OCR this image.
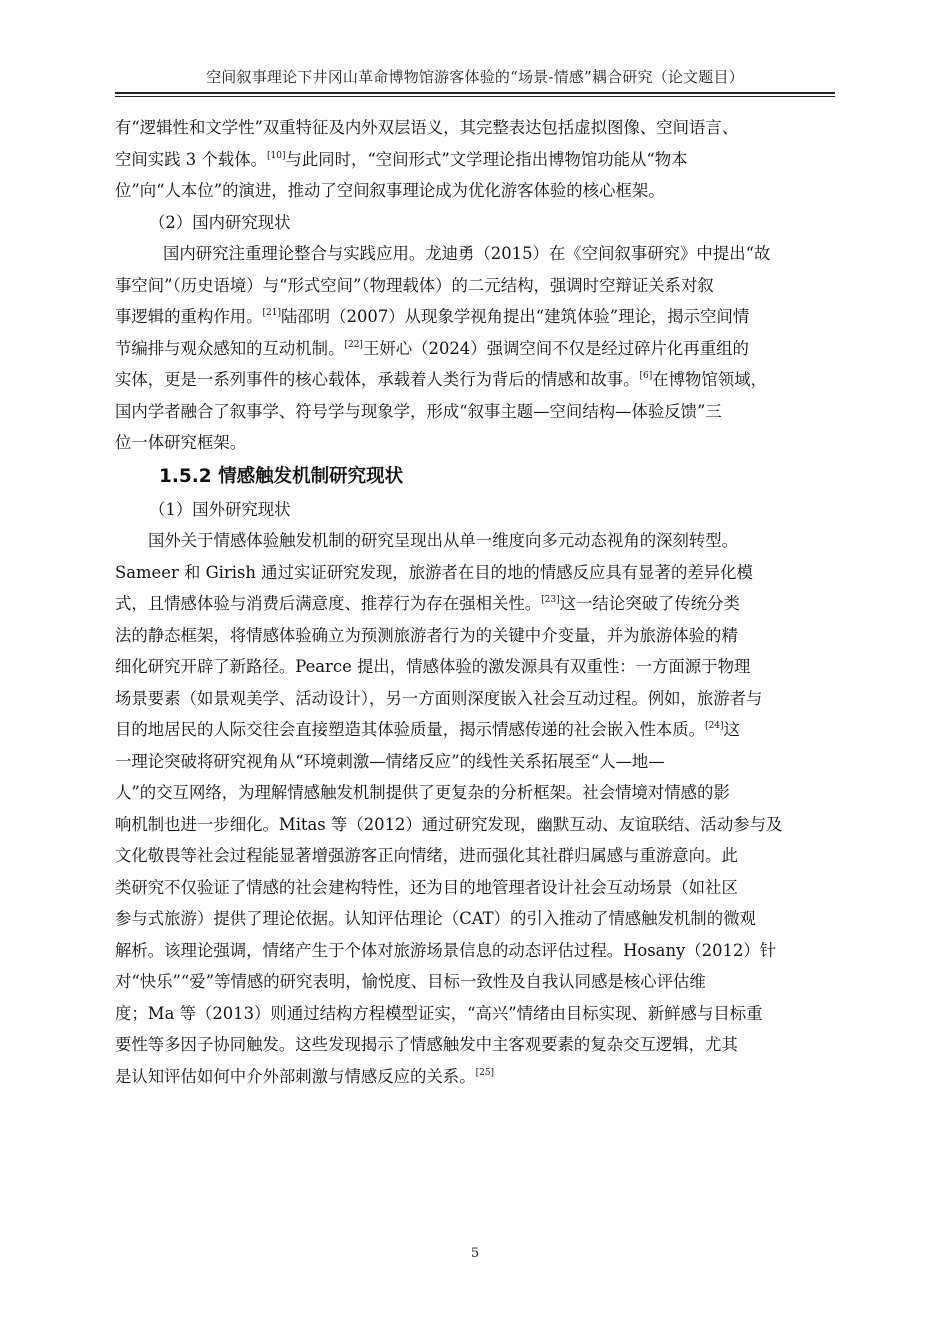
空间叙事理论下井冈山革命博物馆游客体验的“场景-情感”耦合研究（论文题目）
有“逻辑性和文学性”双重特征及内外双层语义，其完整表达包括虚拟图像、空间语言、
空间实践 3 个载体。[10]与此同时，“空间形式”文学理论指出博物馆功能从“物本
位”向“人本位”的演进，推动了空间叙事理论成为优化游客体验的核心框架。
（2）国内研究现状
国内研究注重理论整合与实践应用。龙迪勇（2015）在《空间叙事研究》中提出“故
事空间”（历史语境）与“形式空间”（物理载体）的二元结构，强调时空辩证关系对叙
事逻辑的重构作用。[21]陆邵明（2007）从现象学视角提出“建筑体验”理论，揭示空间情
节编排与观众感知的互动机制。[22]王妍心（2024）强调空间不仅是经过碎片化再重组的
实体，更是一系列事件的核心载体，承载着人类行为背后的情感和故事。[6]在博物馆领域，
国内学者融合了叙事学、符号学与现象学，形成“叙事主题—空间结构—体验反馈”三
位一体研究框架。
1.5.2 情感触发机制研究现状
（1）国外研究现状
国外关于情感体验触发机制的研究呈现出从单一维度向多元动态视角的深刻转型。
Sameer 和 Girish 通过实证研究发现，旅游者在目的地的情感反应具有显著的差异化模
式，且情感体验与消费后满意度、推荐行为存在强相关性。[23]这一结论突破了传统分类
法的静态框架，将情感体验确立为预测旅游者行为的关键中介变量，并为旅游体验的精
细化研究开辟了新路径。Pearce 提出，情感体验的激发源具有双重性：一方面源于物理
场景要素（如景观美学、活动设计），另一方面则深度嵌入社会互动过程。例如，旅游者与
目的地居民的人际交往会直接塑造其体验质量，揭示情感传递的社会嵌入性本质。[24]这
一理论突破将研究视角从“环境刺激—情绪反应”的线性关系拓展至“人—地—
人”的交互网络，为理解情感触发机制提供了更复杂的分析框架。社会情境对情感的影
响机制也进一步细化。Mitas 等（2012）通过研究发现，幽默互动、友谊联结、活动参与及
文化敬畏等社会过程能显著增强游客正向情绪，进而强化其社群归属感与重游意向。此
类研究不仅验证了情感的社会建构特性，还为目的地管理者设计社会互动场景（如社区
参与式旅游）提供了理论依据。认知评估理论（CAT）的引入推动了情感触发机制的微观
解析。该理论强调，情绪产生于个体对旅游场景信息的动态评估过程。Hosany（2012）针
对“快乐”“爱”等情感的研究表明，愉悦度、目标一致性及自我认同感是核心评估维
度；Ma 等（2013）则通过结构方程模型证实，“高兴”情绪由目标实现、新鲜感与目标重
要性等多因子协同触发。这些发现揭示了情感触发中主客观要素的复杂交互逻辑，尤其
是认知评估如何中介外部刺激与情感反应的关系。[25]
5
